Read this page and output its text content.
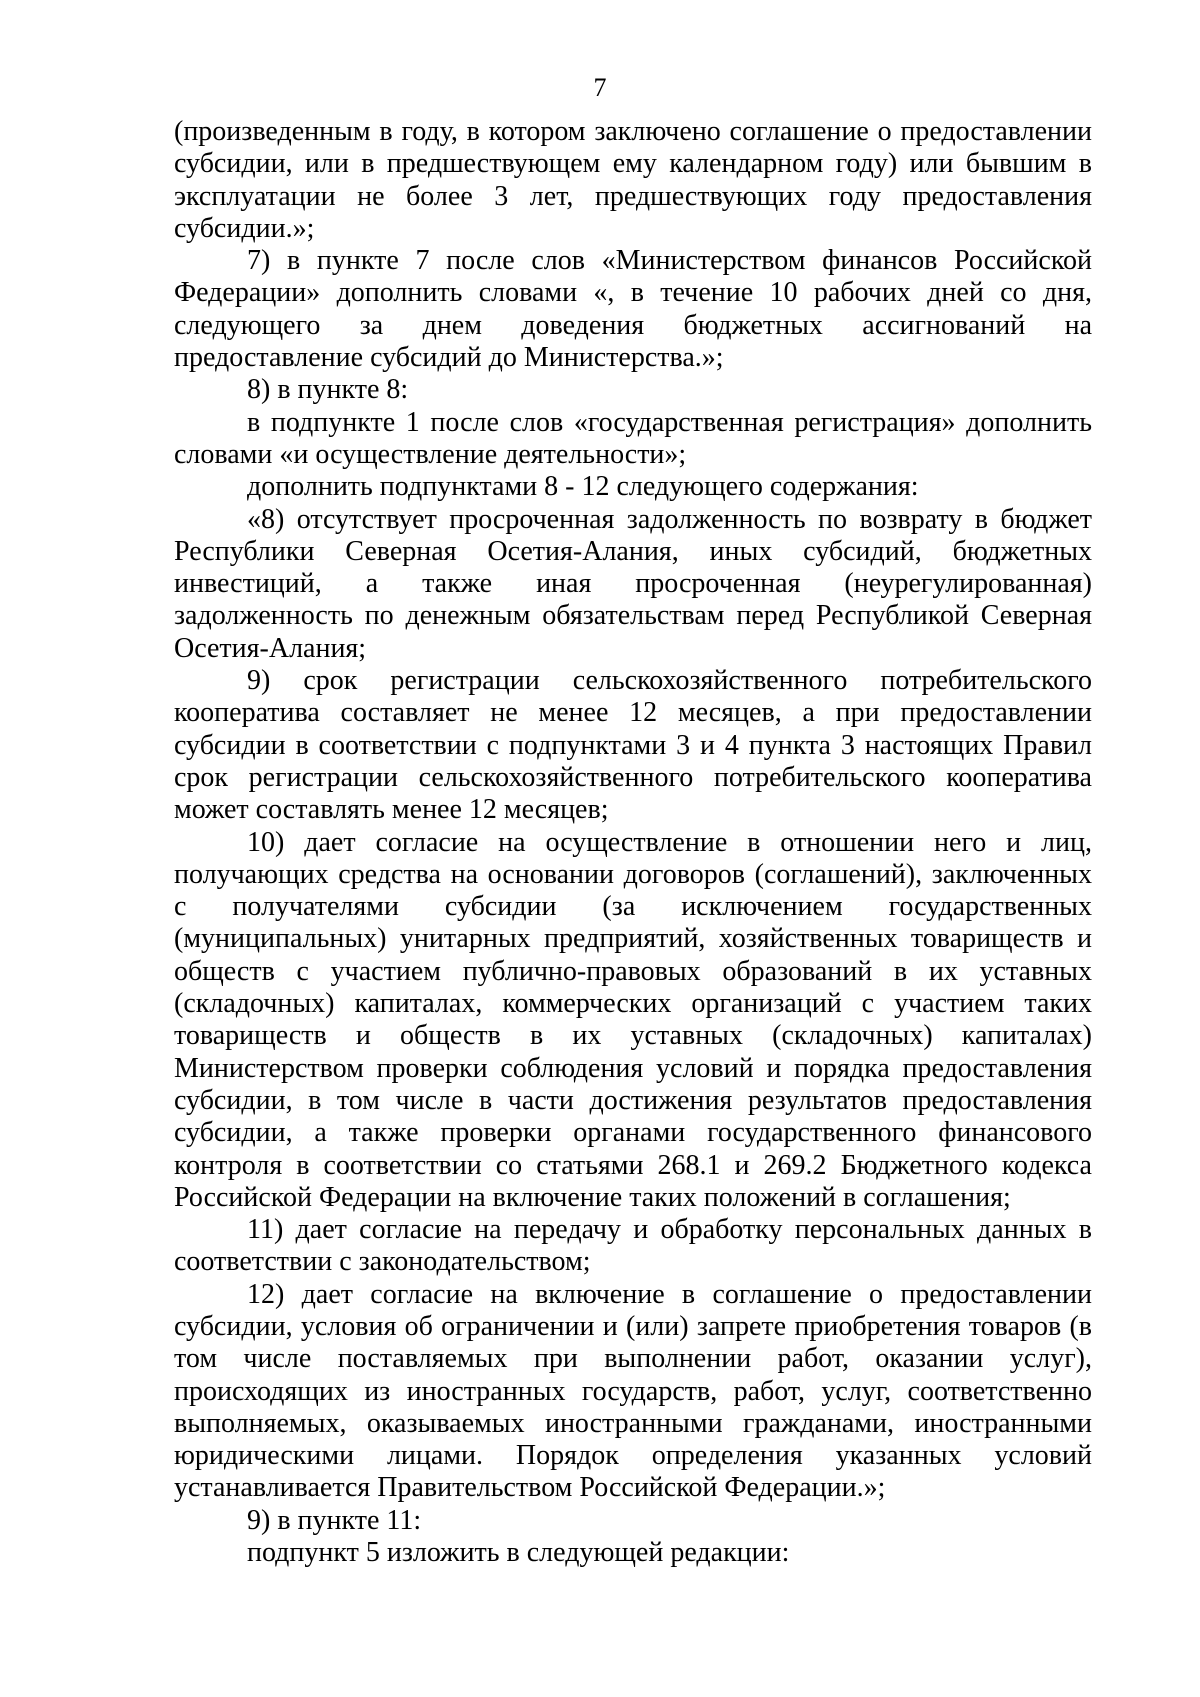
7

(произведенным в году, в котором заключено соглашение о предоставлении субсидии, или в предшествующем ему календарном году) или бывшим в эксплуатации не более 3 лет, предшествующих году предоставления субсидии.»;

7) в пункте 7 после слов «Министерством финансов Российской Федерации» дополнить словами «, в течение 10 рабочих дней со дня, следующего за днем доведения бюджетных ассигнований на предоставление субсидий до Министерства.»;

8) в пункте 8:

в подпункте 1 после слов «государственная регистрация» дополнить словами «и осуществление деятельности»;

дополнить подпунктами 8 - 12 следующего содержания:

«8) отсутствует просроченная задолженность по возврату в бюджет Республики Северная Осетия-Алания, иных субсидий, бюджетных инвестиций, а также иная просроченная (неурегулированная) задолженность по денежным обязательствам перед Республикой Северная Осетия-Алания;

9) срок регистрации сельскохозяйственного потребительского кооператива составляет не менее 12 месяцев, а при предоставлении субсидии в соответствии с подпунктами 3 и 4 пункта 3 настоящих Правил срок регистрации сельскохозяйственного потребительского кооператива может составлять менее 12 месяцев;

10) дает согласие на осуществление в отношении него и лиц, получающих средства на основании договоров (соглашений), заключенных с получателями субсидии (за исключением государственных (муниципальных) унитарных предприятий, хозяйственных товариществ и обществ с участием публично-правовых образований в их уставных (складочных) капиталах, коммерческих организаций с участием таких товариществ и обществ в их уставных (складочных) капиталах) Министерством проверки соблюдения условий и порядка предоставления субсидии, в том числе в части достижения результатов предоставления субсидии, а также проверки органами государственного финансового контроля в соответствии со статьями 268.1 и 269.2 Бюджетного кодекса Российской Федерации на включение таких положений в соглашения;

11) дает согласие на передачу и обработку персональных данных в соответствии с законодательством;

12) дает согласие на включение в соглашение о предоставлении субсидии, условия об ограничении и (или) запрете приобретения товаров (в том числе поставляемых при выполнении работ, оказании услуг), происходящих из иностранных государств, работ, услуг, соответственно выполняемых, оказываемых иностранными гражданами, иностранными юридическими лицами. Порядок определения указанных условий устанавливается Правительством Российской Федерации.»;

9) в пункте 11:

подпункт 5 изложить в следующей редакции:
